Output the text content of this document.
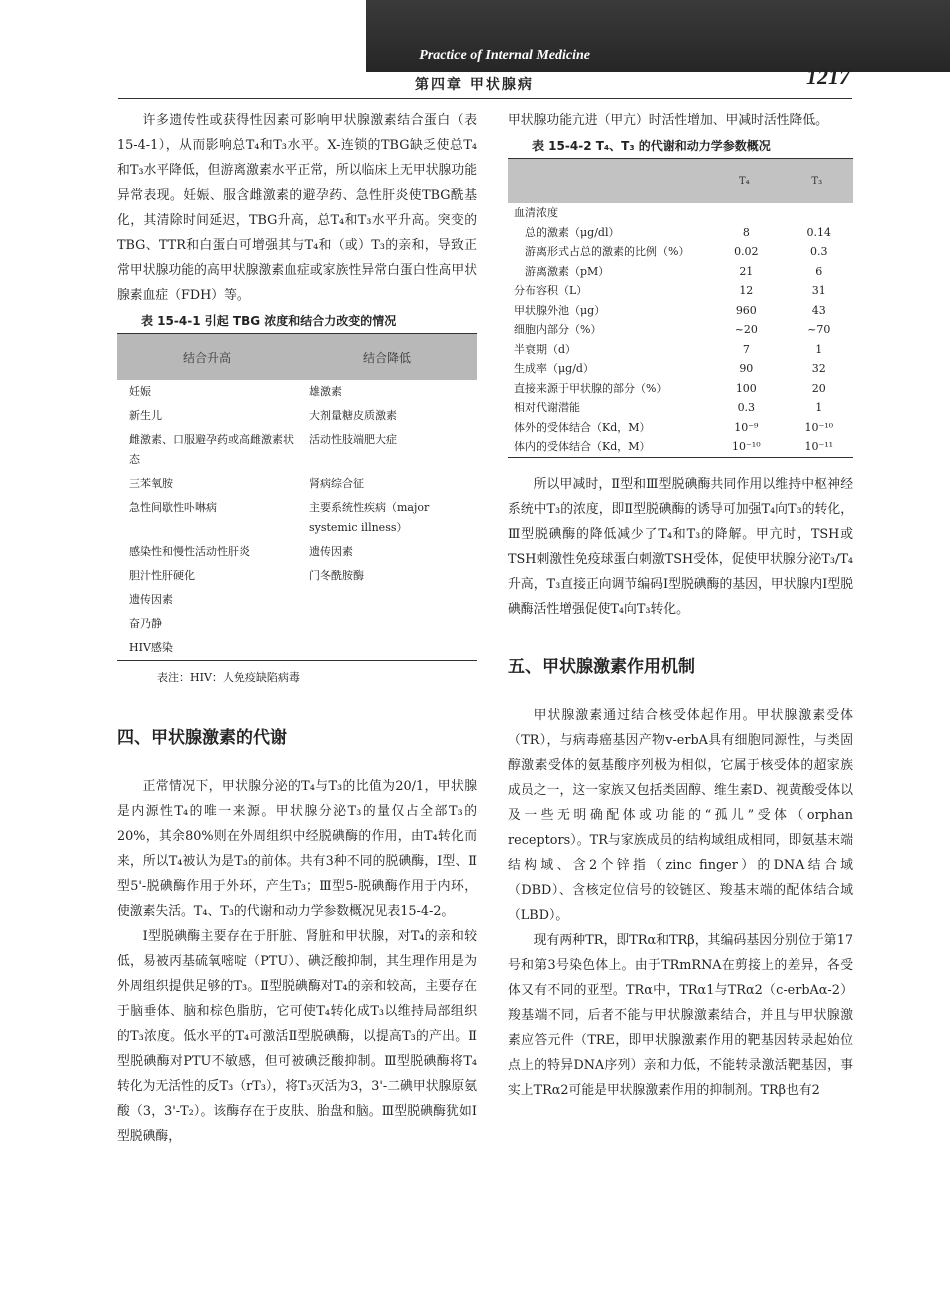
Practice of Internal Medicine
第四章 甲状腺病	1217

许多遗传性或获得性因素可影响甲状腺激素结合蛋白（表15-4-1），从而影响总T₄和T₃水平。X-连锁的TBG缺乏使总T₄和T₃水平降低，但游离激素水平正常，所以临床上无甲状腺功能异常表现。妊娠、服含雌激素的避孕药、急性肝炎使TBG酰基化，其清除时间延迟，TBG升高，总T₄和T₃水平升高。突变的TBG、TTR和白蛋白可增强其与T₄和（或）T₃的亲和，导致正常甲状腺功能的高甲状腺激素血症或家族性异常白蛋白性高甲状腺素血症（FDH）等。

表 15-4-1 引起 TBG 浓度和结合力改变的情况
结合升高	结合降低
妊娠	雄激素
新生儿	大剂量糖皮质激素
雌激素、口服避孕药或高雌激素状态	活动性肢端肥大症
三苯氧胺	肾病综合征
急性间歇性卟啉病	主要系统性疾病（major systemic illness）
感染性和慢性活动性肝炎	遗传因素
胆汁性肝硬化	门冬酰胺酶
遗传因素	
奋乃静	
HIV感染	
表注：HIV：人免疫缺陷病毒
四、甲状腺激素的代谢

正常情况下，甲状腺分泌的T₄与T₃的比值为20/1，甲状腺是内源性T₄的唯一来源。甲状腺分泌T₃的量仅占全部T₃的20%，其余80%则在外周组织中经脱碘酶的作用，由T₄转化而来，所以T₄被认为是T₃的前体。共有3种不同的脱碘酶，Ⅰ型、Ⅱ型5'-脱碘酶作用于外环，产生T₃；Ⅲ型5-脱碘酶作用于内环，使激素失活。T₄、T₃的代谢和动力学参数概况见表15-4-2。

Ⅰ型脱碘酶主要存在于肝脏、肾脏和甲状腺，对T₄的亲和较低，易被丙基硫氧嘧啶（PTU）、碘泛酸抑制，其生理作用是为外周组织提供足够的T₃。Ⅱ型脱碘酶对T₄的亲和较高，主要存在于脑垂体、脑和棕色脂肪，它可使T₄转化成T₃以维持局部组织的T₃浓度。低水平的T₄可激活Ⅱ型脱碘酶，以提高T₃的产出。Ⅱ型脱碘酶对PTU不敏感，但可被碘泛酸抑制。Ⅲ型脱碘酶将T₄转化为无活性的反T₃（rT₃），将T₃灭活为3，3'-二碘甲状腺原氨酸（3，3'-T₂）。该酶存在于皮肤、胎盘和脑。Ⅲ型脱碘酶犹如Ⅰ型脱碘酶，

甲状腺功能亢进（甲亢）时活性增加、甲减时活性降低。

表 15-4-2 T₄、T₃ 的代谢和动力学参数概况
	T₄	T₃
血清浓度		
　总的激素（μg/dl）	8	0.14
　游离形式占总的激素的比例（%）	0.02	0.3
　游离激素（pM）	21	6
分布容积（L）	12	31
甲状腺外池（μg）	960	43
细胞内部分（%）	~20	~70
半衰期（d）	7	1
生成率（μg/d）	90	32
直接来源于甲状腺的部分（%）	100	20
相对代谢潜能	0.3	1
体外的受体结合（Kd，M）	10⁻⁹	10⁻¹⁰
体内的受体结合（Kd，M）	10⁻¹⁰	10⁻¹¹

所以甲减时，Ⅱ型和Ⅲ型脱碘酶共同作用以维持中枢神经系统中T₃的浓度，即Ⅱ型脱碘酶的诱导可加强T₄向T₃的转化，Ⅲ型脱碘酶的降低减少了T₄和T₃的降解。甲亢时，TSH或TSH刺激性免疫球蛋白刺激TSH受体，促使甲状腺分泌T₃/T₄升高，T₃直接正向调节编码Ⅰ型脱碘酶的基因，甲状腺内Ⅰ型脱碘酶活性增强促使T₄向T₃转化。

五、甲状腺激素作用机制

甲状腺激素通过结合核受体起作用。甲状腺激素受体（TR），与病毒癌基因产物v-erbA具有细胞同源性，与类固醇激素受体的氨基酸序列极为相似，它属于核受体的超家族成员之一，这一家族又包括类固醇、维生素D、视黄酸受体以及一些无明确配体或功能的“孤儿”受体（orphan receptors）。TR与家族成员的结构域组成相同，即氨基末端结构域、含2个锌指（zinc finger）的DNA结合域（DBD）、含核定位信号的铰链区、羧基末端的配体结合域（LBD）。

现有两种TR，即TRα和TRβ，其编码基因分别位于第17号和第3号染色体上。由于TRmRNA在剪接上的差异，各受体又有不同的亚型。TRα中，TRα1与TRα2（c-erbAα-2）羧基端不同，后者不能与甲状腺激素结合，并且与甲状腺激素应答元件（TRE，即甲状腺激素作用的靶基因转录起始位点上的特异DNA序列）亲和力低，不能转录激活靶基因，事实上TRα2可能是甲状腺激素作用的抑制剂。TRβ也有2
